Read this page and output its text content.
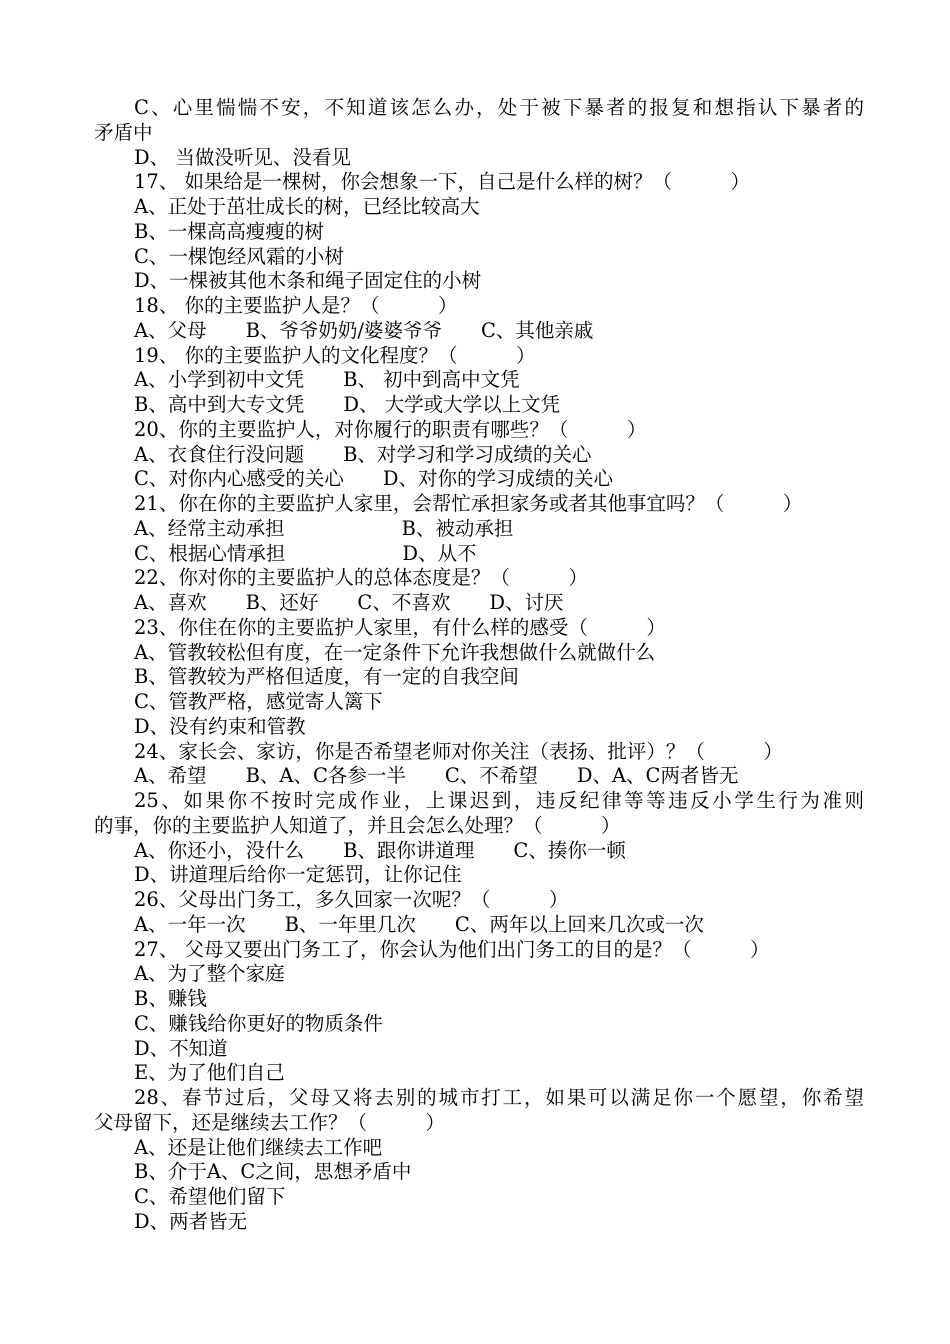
C、心里惴惴不安，不知道该怎么办，处于被下暴者的报复和想指认下暴者的
矛盾中
D、 当做没听见、没看见
17、 如果给是一棵树，你会想象一下，自己是什么样的树？（　　　）
A、正处于茁壮成长的树，已经比较高大
B、一棵高高瘦瘦的树
C、一棵饱经风霜的小树
D、一棵被其他木条和绳子固定住的小树
18、 你的主要监护人是？（　　　）
A、父母　　B、爷爷奶奶/婆婆爷爷　　C、其他亲戚
19、 你的主要监护人的文化程度？（　　　）
A、小学到初中文凭　　B、 初中到高中文凭
B、高中到大专文凭　　D、 大学或大学以上文凭
20、你的主要监护人，对你履行的职责有哪些？（　　　）
A、衣食住行没问题　　B、对学习和学习成绩的关心
C、对你内心感受的关心　　D、对你的学习成绩的关心
21、你在你的主要监护人家里，会帮忙承担家务或者其他事宜吗？（　　　）
A、经常主动承担　　　　　　B、被动承担
C、根据心情承担　　　　　　D、从不
22、你对你的主要监护人的总体态度是？（　　　）
A、喜欢　　B、还好　　C、不喜欢　　D、讨厌
23、你住在你的主要监护人家里，有什么样的感受（　　　）
A、管教较松但有度，在一定条件下允许我想做什么就做什么
B、管教较为严格但适度，有一定的自我空间
C、管教严格，感觉寄人篱下
D、没有约束和管教
24、家长会、家访，你是否希望老师对你关注（表扬、批评）？（　　　）
A、希望　　B、A、C各参一半　　C、不希望　　D、A、C两者皆无
25、如果你不按时完成作业，上课迟到，违反纪律等等违反小学生行为准则
的事，你的主要监护人知道了，并且会怎么处理？（　　　）
A、你还小，没什么　　B、跟你讲道理　　C、揍你一顿
D、讲道理后给你一定惩罚，让你记住
26、父母出门务工，多久回家一次呢？（　　　）
A、一年一次　　B、一年里几次　　C、两年以上回来几次或一次
27、 父母又要出门务工了，你会认为他们出门务工的目的是？（　　　）
A、为了整个家庭
B、赚钱
C、赚钱给你更好的物质条件
D、不知道
E、为了他们自己
28、春节过后，父母又将去别的城市打工，如果可以满足你一个愿望，你希望
父母留下，还是继续去工作？（　　　）
A、还是让他们继续去工作吧
B、介于A、C之间，思想矛盾中
C、希望他们留下
D、两者皆无
